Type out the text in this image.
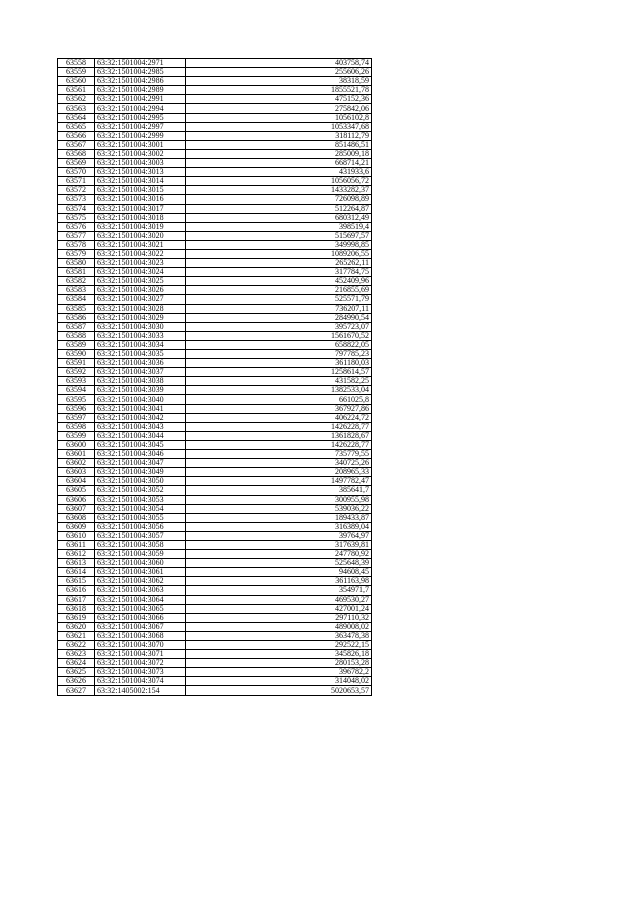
63558	63:32:1501004:2971	403758,74
63559	63:32:1501004:2985	255606,26
63560	63:32:1501004:2986	38318,59
63561	63:32:1501004:2989	1855521,78
63562	63:32:1501004:2991	475152,36
63563	63:32:1501004:2994	275842,06
63564	63:32:1501004:2995	1056102,8
63565	63:32:1501004:2997	1053347,68
63566	63:32:1501004:2999	318112,79
63567	63:32:1501004:3001	851486,51
63568	63:32:1501004:3002	285009,18
63569	63:32:1501004:3003	668714,21
63570	63:32:1501004:3013	431933,6
63571	63:32:1501004:3014	1056056,72
63572	63:32:1501004:3015	1433282,37
63573	63:32:1501004:3016	726098,89
63574	63:32:1501004:3017	512264,87
63575	63:32:1501004:3018	680312,49
63576	63:32:1501004:3019	398519,4
63577	63:32:1501004:3020	515697,57
63578	63:32:1501004:3021	349998,85
63579	63:32:1501004:3022	1089206,55
63580	63:32:1501004:3023	265262,11
63581	63:32:1501004:3024	317784,75
63582	63:32:1501004:3025	452409,96
63583	63:32:1501004:3026	216855,69
63584	63:32:1501004:3027	525571,79
63585	63:32:1501004:3028	736207,11
63586	63:32:1501004:3029	284990,54
63587	63:32:1501004:3030	395723,07
63588	63:32:1501004:3033	1561670,52
63589	63:32:1501004:3034	658822,05
63590	63:32:1501004:3035	797785,23
63591	63:32:1501004:3036	361180,03
63592	63:32:1501004:3037	1258614,57
63593	63:32:1501004:3038	431582,25
63594	63:32:1501004:3039	1382533,04
63595	63:32:1501004:3040	661025,8
63596	63:32:1501004:3041	367927,86
63597	63:32:1501004:3042	406224,72
63598	63:32:1501004:3043	1426228,77
63599	63:32:1501004:3044	1361828,67
63600	63:32:1501004:3045	1426228,77
63601	63:32:1501004:3046	735779,55
63602	63:32:1501004:3047	340725,26
63603	63:32:1501004:3049	208965,33
63604	63:32:1501004:3050	1497782,47
63605	63:32:1501004:3052	385641,7
63606	63:32:1501004:3053	300955,98
63607	63:32:1501004:3054	539036,22
63608	63:32:1501004:3055	189433,87
63609	63:32:1501004:3056	316389,04
63610	63:32:1501004:3057	39764,97
63611	63:32:1501004:3058	317639,81
63612	63:32:1501004:3059	247780,92
63613	63:32:1501004:3060	525648,39
63614	63:32:1501004:3061	94608,45
63615	63:32:1501004:3062	361163,98
63616	63:32:1501004:3063	354971,7
63617	63:32:1501004:3064	469530,27
63618	63:32:1501004:3065	427001,24
63619	63:32:1501004:3066	297110,32
63620	63:32:1501004:3067	489008,02
63621	63:32:1501004:3068	363478,38
63622	63:32:1501004:3070	292522,15
63623	63:32:1501004:3071	345826,18
63624	63:32:1501004:3072	280153,28
63625	63:32:1501004:3073	396782,2
63626	63:32:1501004:3074	314048,02
63627	63:32:1405002:154	5020653,57
